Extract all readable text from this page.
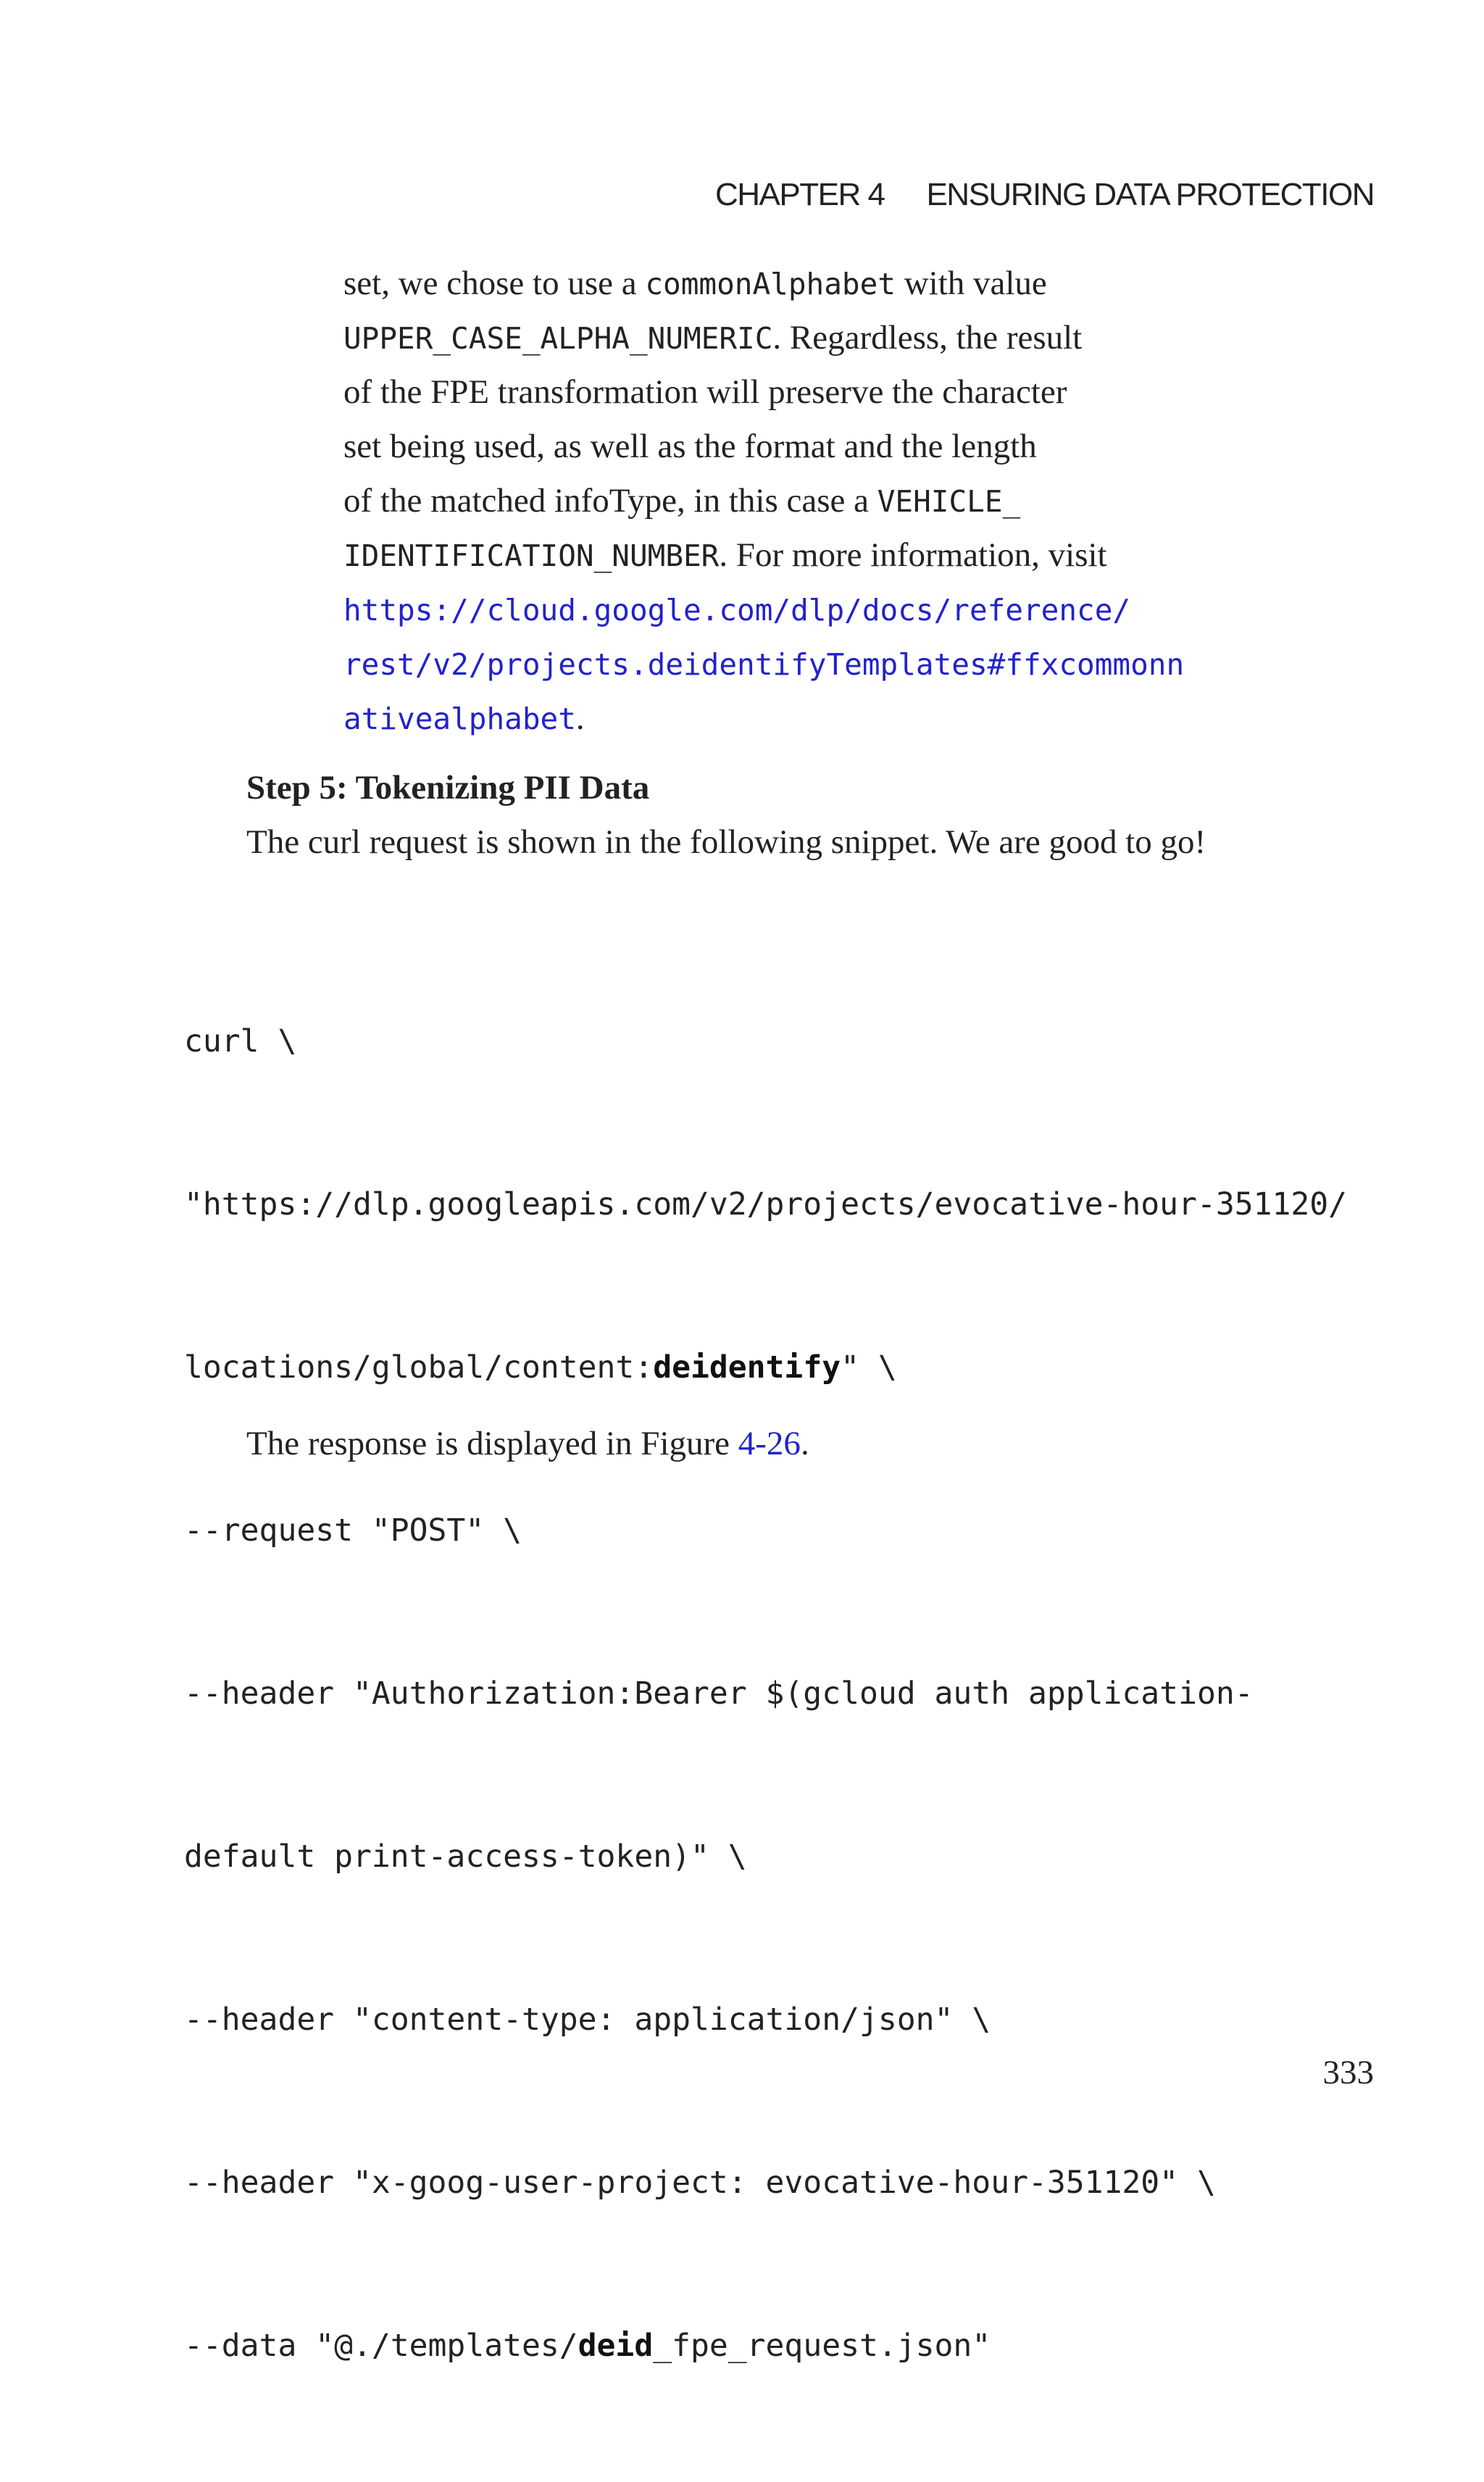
CHAPTER 4 ENSURING DATA PROTECTION
set, we chose to use a commonAlphabet with value
UPPER_CASE_ALPHA_NUMERIC. Regardless, the result
of the FPE transformation will preserve the character
set being used, as well as the format and the length
of the matched infoType, in this case a VEHICLE_
IDENTIFICATION_NUMBER. For more information, visit
https://cloud.google.com/dlp/docs/reference/
rest/v2/projects.deidentifyTemplates#ffxcommonn
ativealphabet.
Step 5: Tokenizing PII Data
The curl request is shown in the following snippet. We are good to go!

curl \

"https://dlp.googleapis.com/v2/projects/evocative-hour-351120/

locations/global/content:deidentify" \

--request "POST" \

--header "Authorization:Bearer $(gcloud auth application-

default print-access-token)" \

--header "content-type: application/json" \

--header "x-goog-user-project: evocative-hour-351120" \

--data "@./templates/deid_fpe_request.json"

The response is displayed in Figure 4-26.
333
